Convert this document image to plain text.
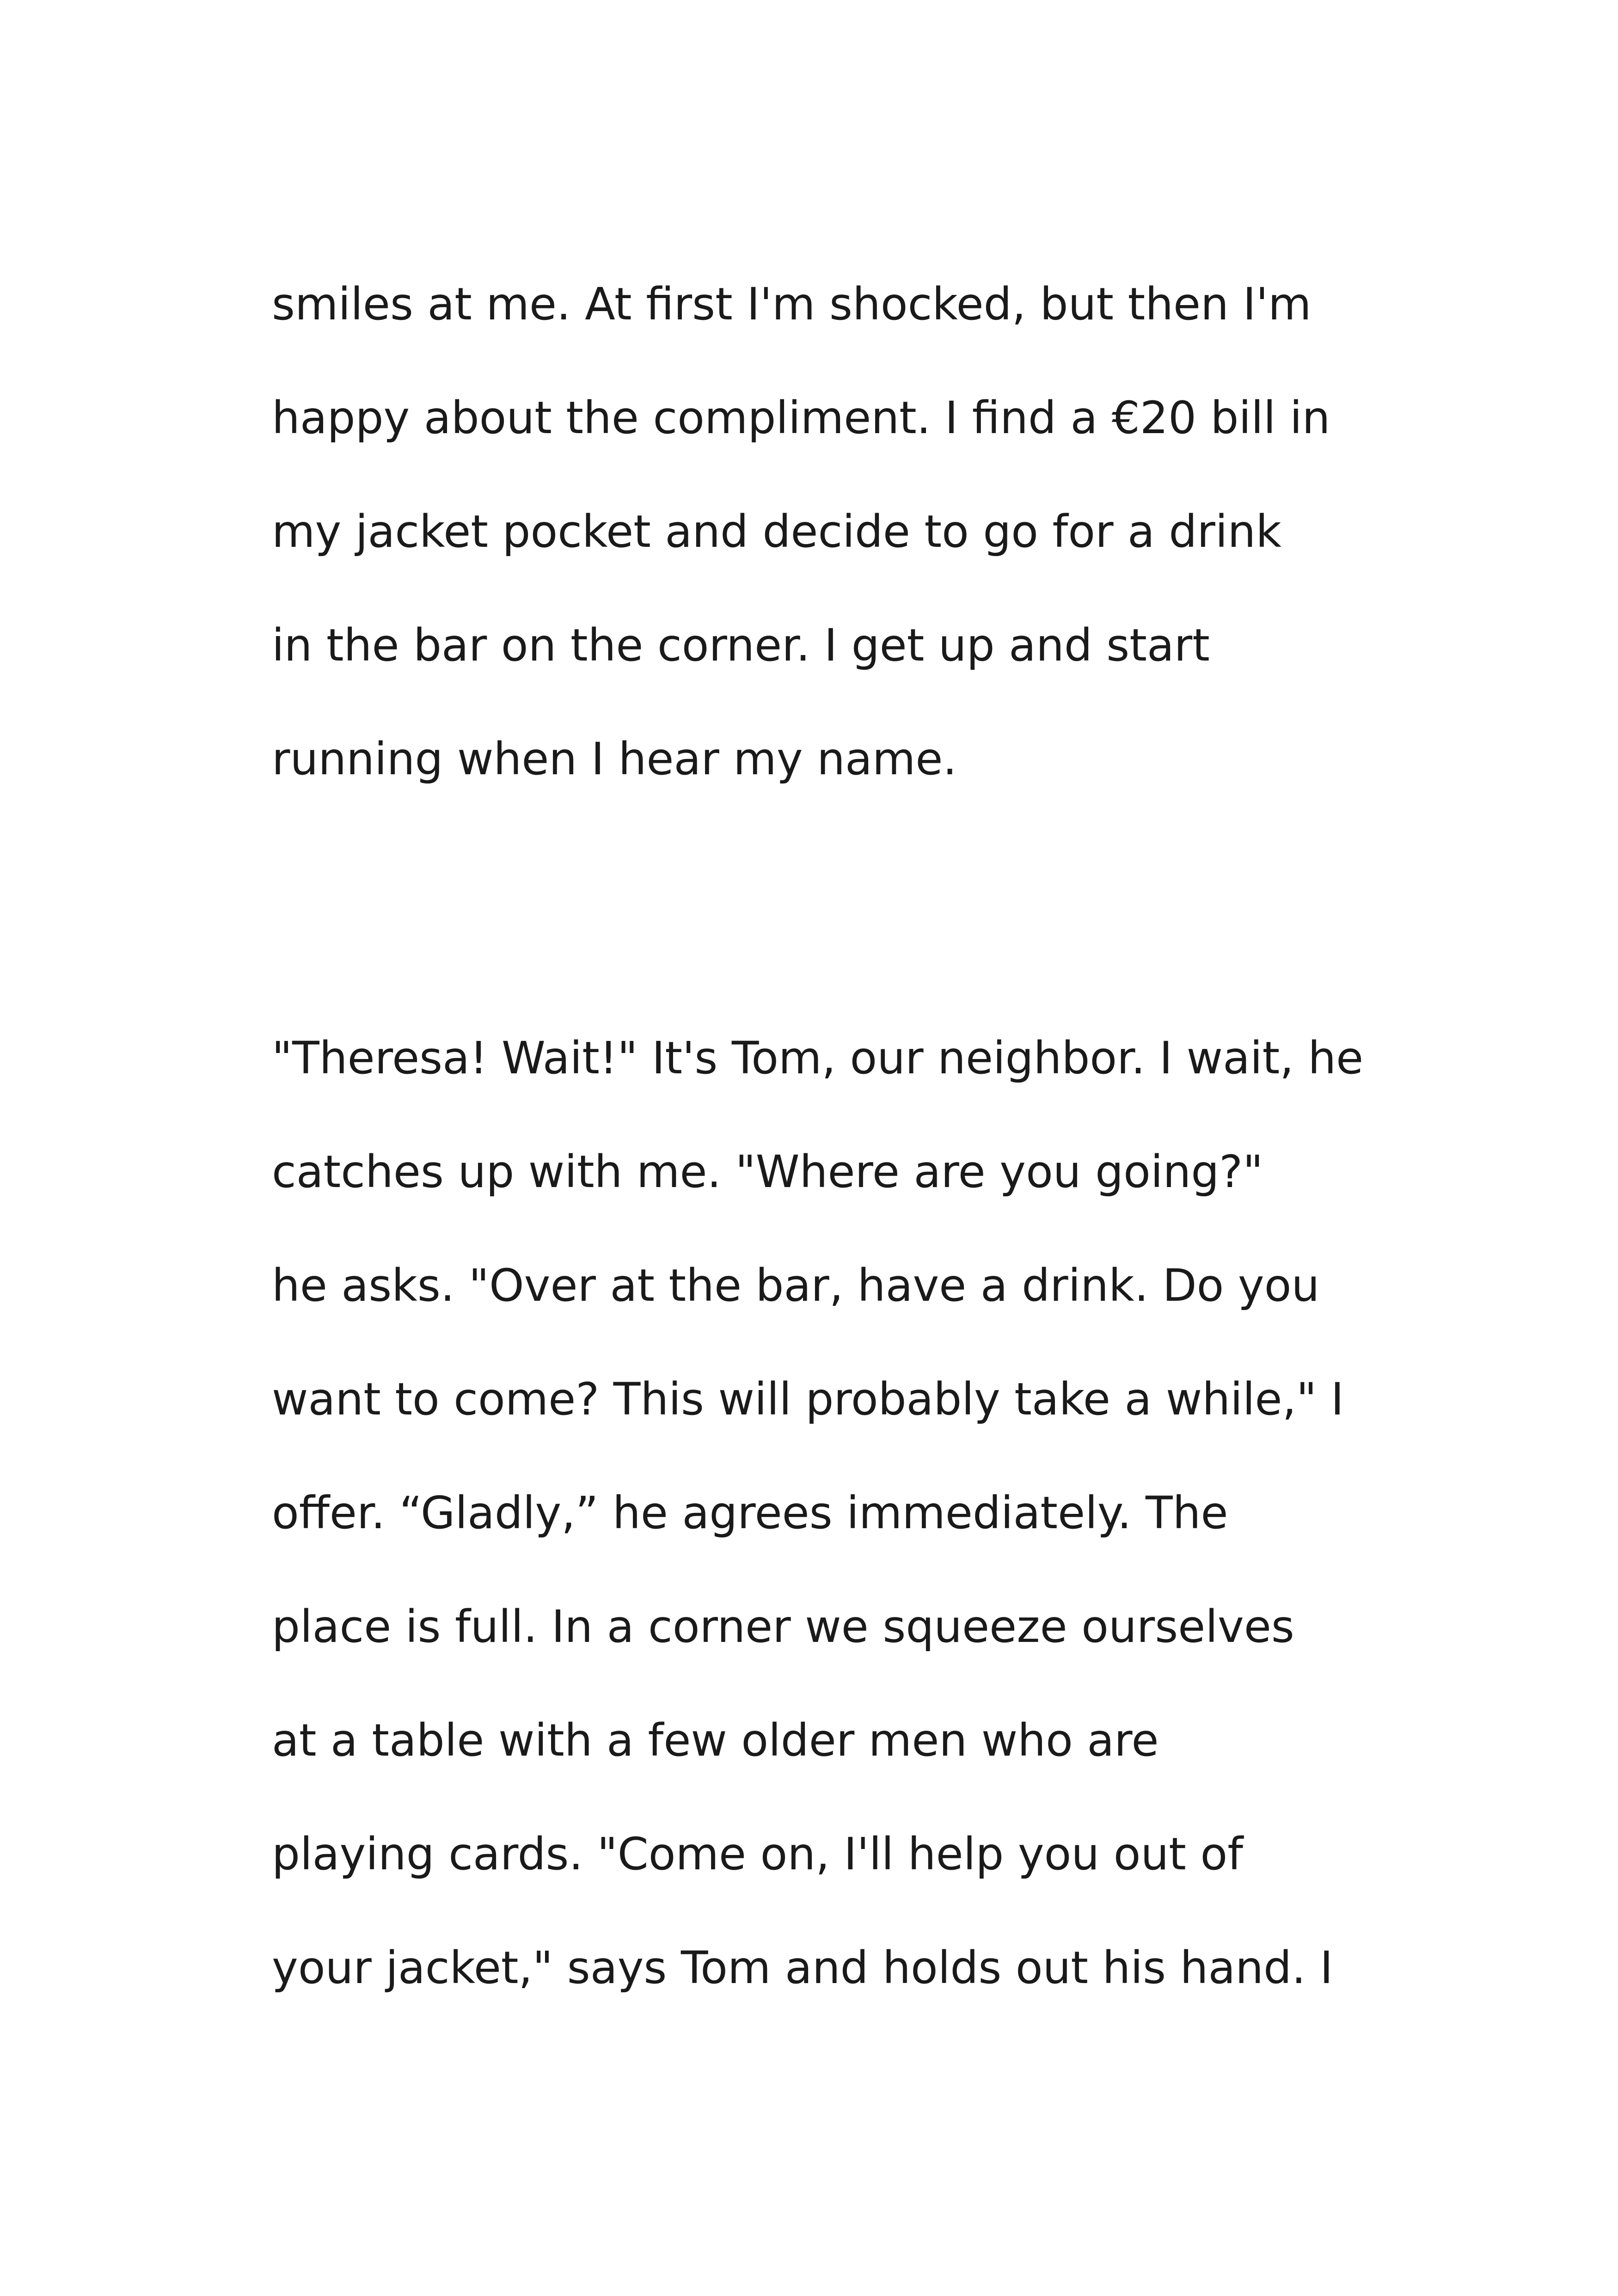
smiles at me. At first I'm shocked, but then I'm

happy about the compliment. I find a €20 bill in

my jacket pocket and decide to go for a drink

in the bar on the corner. I get up and start

running when I hear my name.

"Theresa! Wait!" It's Tom, our neighbor. I wait, he

catches up with me. "Where are you going?"

he asks. "Over at the bar, have a drink. Do you

want to come? This will probably take a while," I

offer. “Gladly,” he agrees immediately. The

place is full. In a corner we squeeze ourselves

at a table with a few older men who are

playing cards. "Come on, I'll help you out of

your jacket," says Tom and holds out his hand. I
